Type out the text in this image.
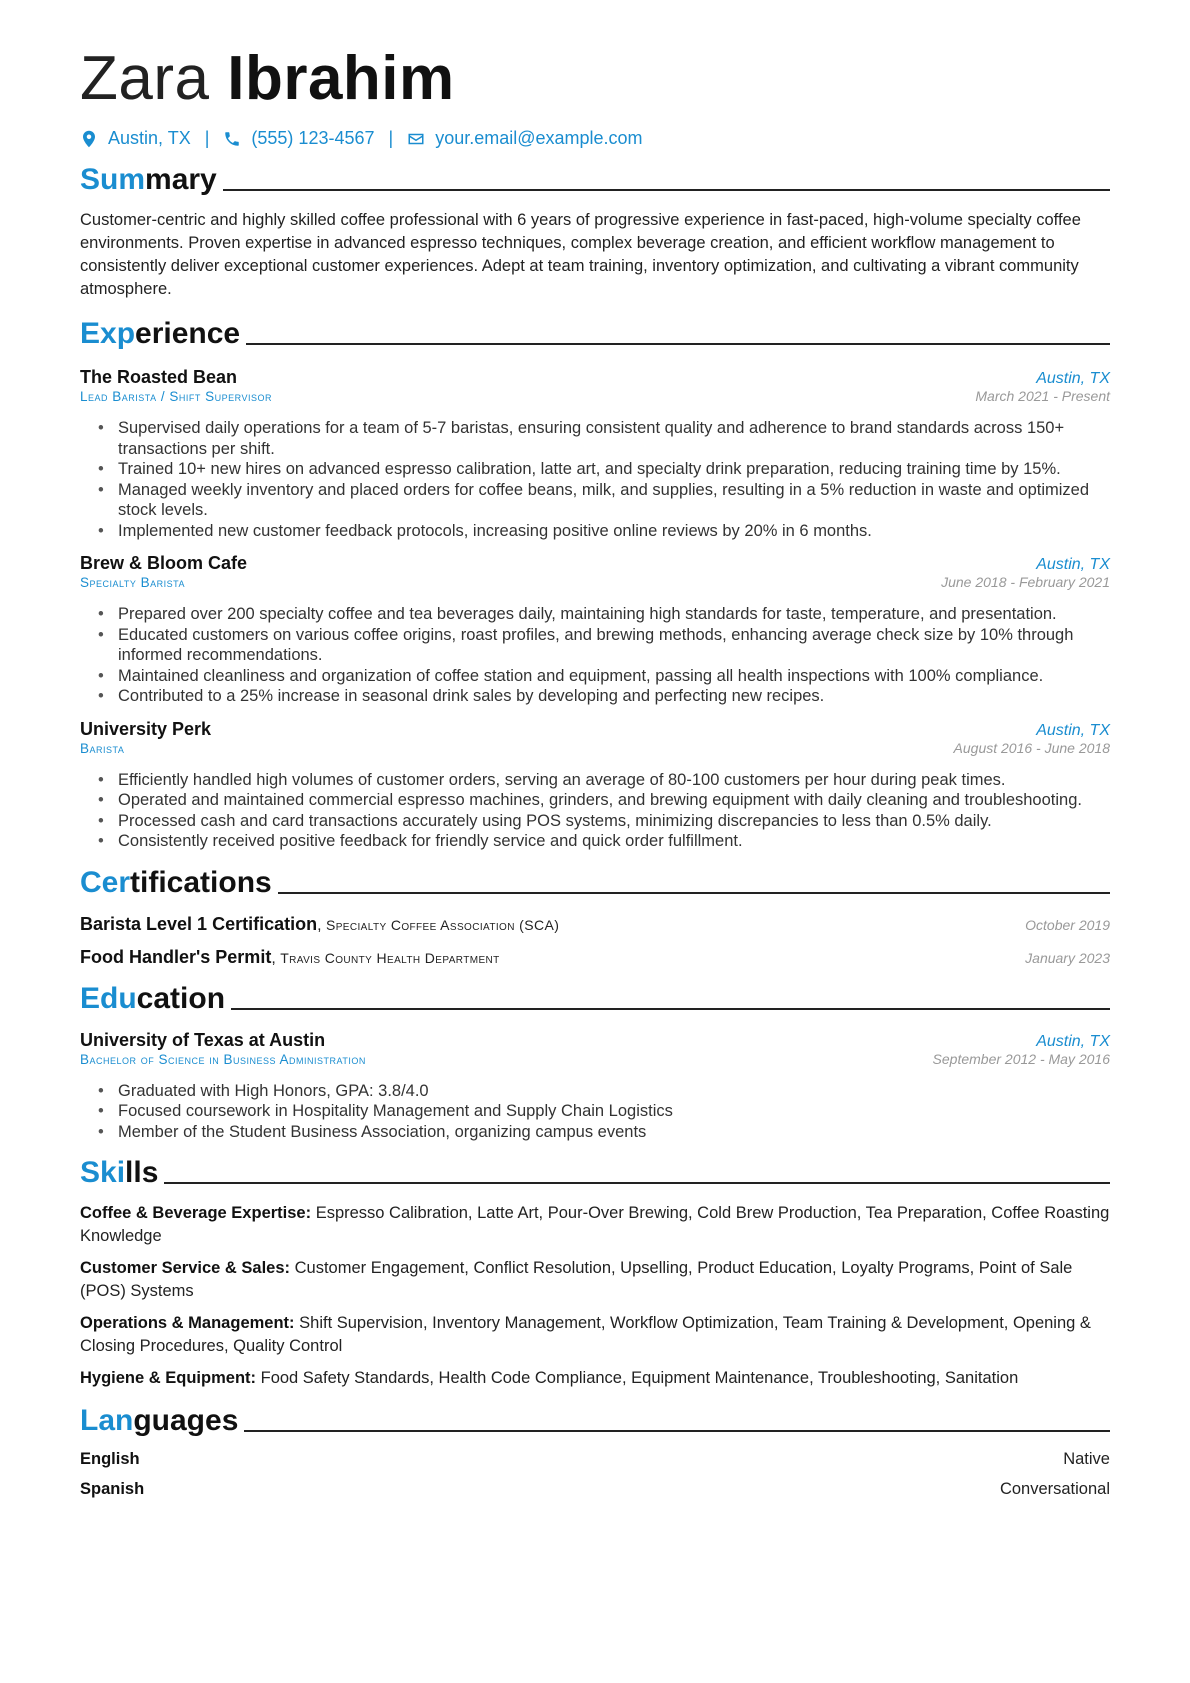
Zara Ibrahim
Austin, TX | (555) 123-4567 | your.email@example.com
Summary
Customer-centric and highly skilled coffee professional with 6 years of progressive experience in fast-paced, high-volume specialty coffee environments. Proven expertise in advanced espresso techniques, complex beverage creation, and efficient workflow management to consistently deliver exceptional customer experiences. Adept at team training, inventory optimization, and cultivating a vibrant community atmosphere.
Experience
The Roasted Bean	Austin, TX
Lead Barista / Shift Supervisor	March 2021 - Present
• Supervised daily operations for a team of 5-7 baristas, ensuring consistent quality and adherence to brand standards across 150+ transactions per shift.
• Trained 10+ new hires on advanced espresso calibration, latte art, and specialty drink preparation, reducing training time by 15%.
• Managed weekly inventory and placed orders for coffee beans, milk, and supplies, resulting in a 5% reduction in waste and optimized stock levels.
• Implemented new customer feedback protocols, increasing positive online reviews by 20% in 6 months.
Brew & Bloom Cafe	Austin, TX
Specialty Barista	June 2018 - February 2021
• Prepared over 200 specialty coffee and tea beverages daily, maintaining high standards for taste, temperature, and presentation.
• Educated customers on various coffee origins, roast profiles, and brewing methods, enhancing average check size by 10% through informed recommendations.
• Maintained cleanliness and organization of coffee station and equipment, passing all health inspections with 100% compliance.
• Contributed to a 25% increase in seasonal drink sales by developing and perfecting new recipes.
University Perk	Austin, TX
Barista	August 2016 - June 2018
• Efficiently handled high volumes of customer orders, serving an average of 80-100 customers per hour during peak times.
• Operated and maintained commercial espresso machines, grinders, and brewing equipment with daily cleaning and troubleshooting.
• Processed cash and card transactions accurately using POS systems, minimizing discrepancies to less than 0.5% daily.
• Consistently received positive feedback for friendly service and quick order fulfillment.
Certifications
Barista Level 1 Certification, Specialty Coffee Association (SCA)	October 2019
Food Handler's Permit, Travis County Health Department	January 2023
Education
University of Texas at Austin	Austin, TX
Bachelor of Science in Business Administration	September 2012 - May 2016
• Graduated with High Honors, GPA: 3.8/4.0
• Focused coursework in Hospitality Management and Supply Chain Logistics
• Member of the Student Business Association, organizing campus events
Skills
Coffee & Beverage Expertise: Espresso Calibration, Latte Art, Pour-Over Brewing, Cold Brew Production, Tea Preparation, Coffee Roasting Knowledge
Customer Service & Sales: Customer Engagement, Conflict Resolution, Upselling, Product Education, Loyalty Programs, Point of Sale (POS) Systems
Operations & Management: Shift Supervision, Inventory Management, Workflow Optimization, Team Training & Development, Opening & Closing Procedures, Quality Control
Hygiene & Equipment: Food Safety Standards, Health Code Compliance, Equipment Maintenance, Troubleshooting, Sanitation
Languages
English	Native
Spanish	Conversational
